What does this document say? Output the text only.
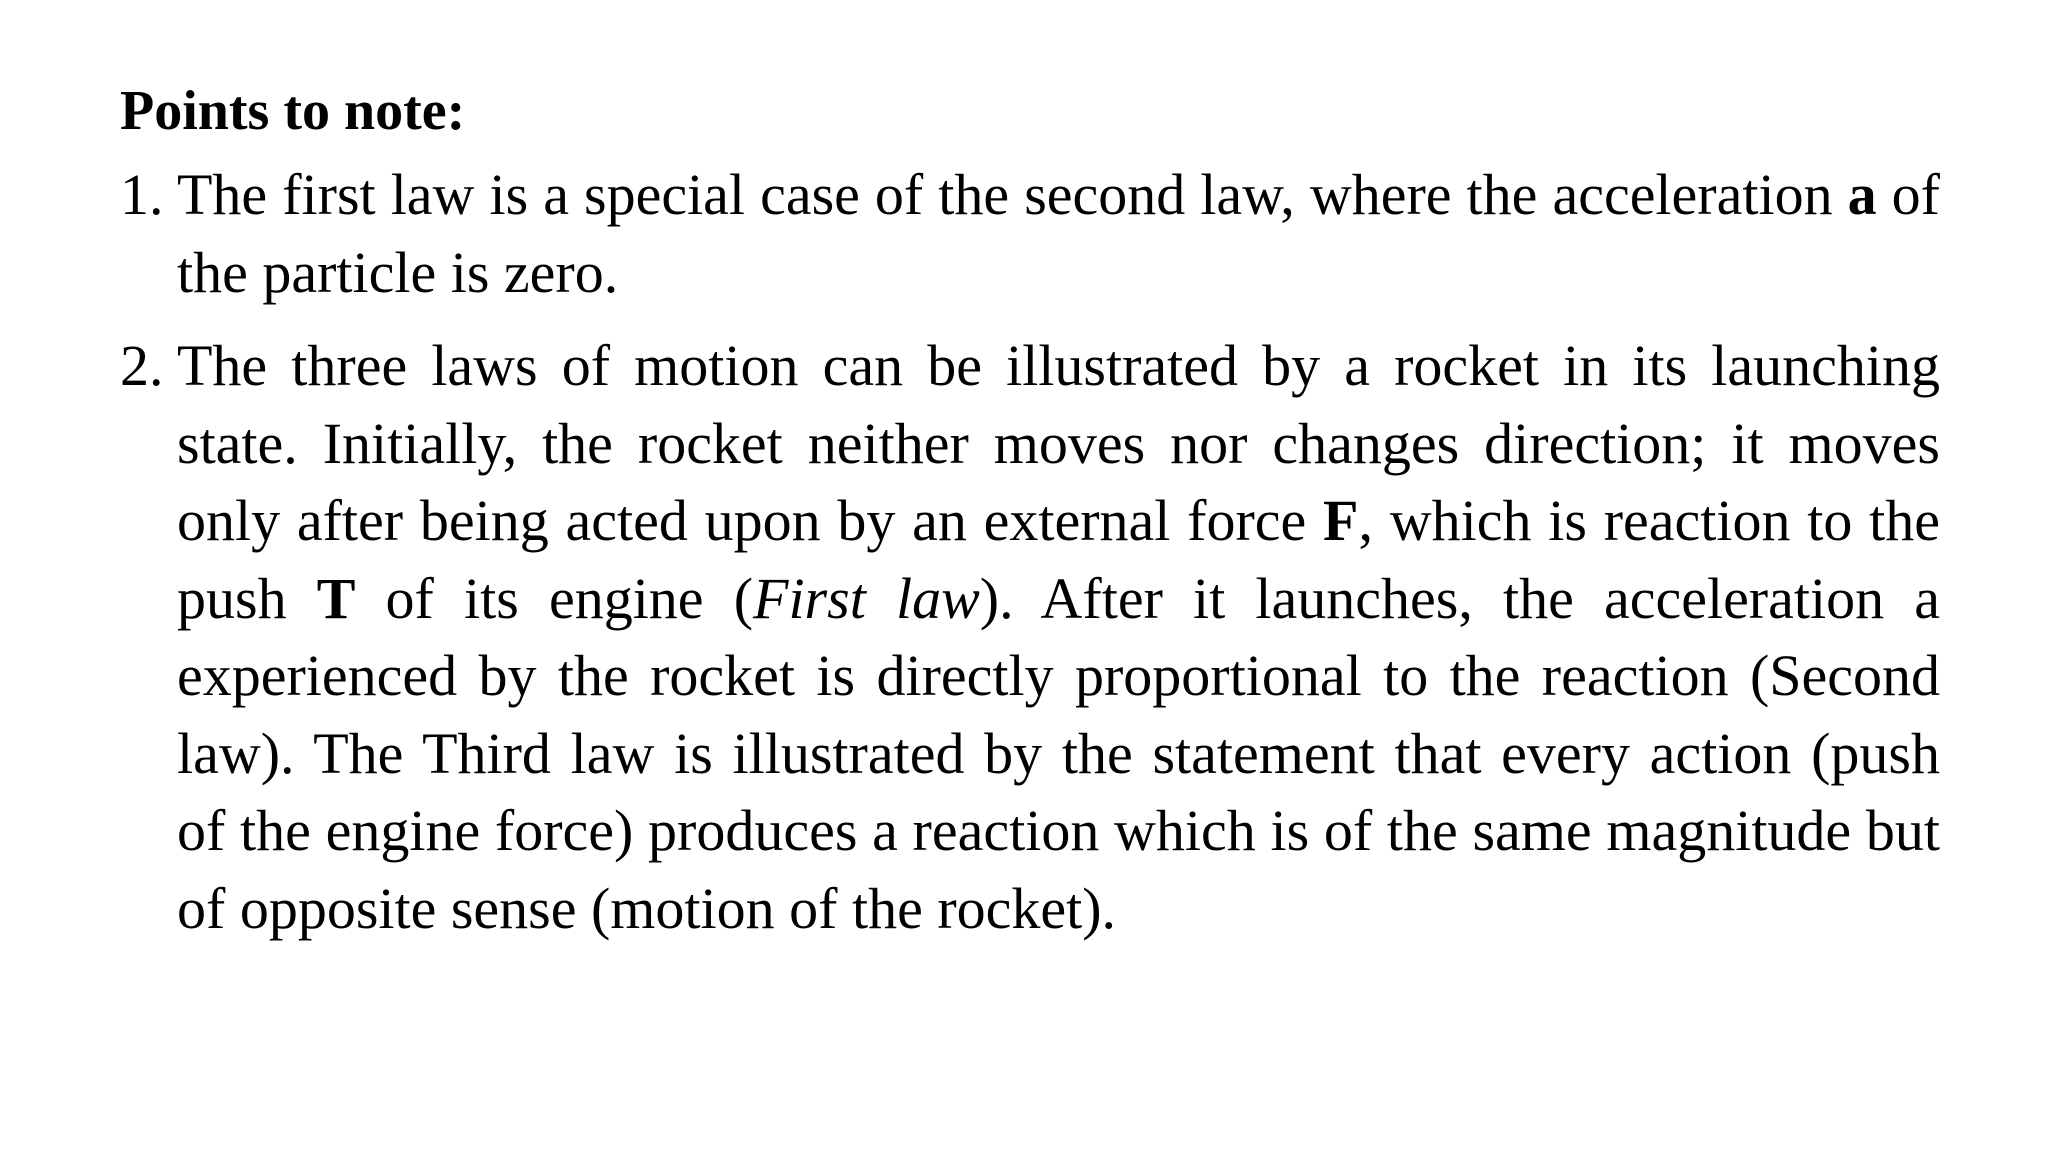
Points to note:

1. The first law is a special case of the second law, where the acceleration a of the particle is zero.

2. The three laws of motion can be illustrated by a rocket in its launching state. Initially, the rocket neither moves nor changes direction; it moves only after being acted upon by an external force F, which is reaction to the push T of its engine (First law). After it launches, the acceleration a experienced by the rocket is directly proportional to the reaction (Second law). The Third law is illustrated by the statement that every action (push of the engine force) produces a reaction which is of the same magnitude but of opposite sense (motion of the rocket).
